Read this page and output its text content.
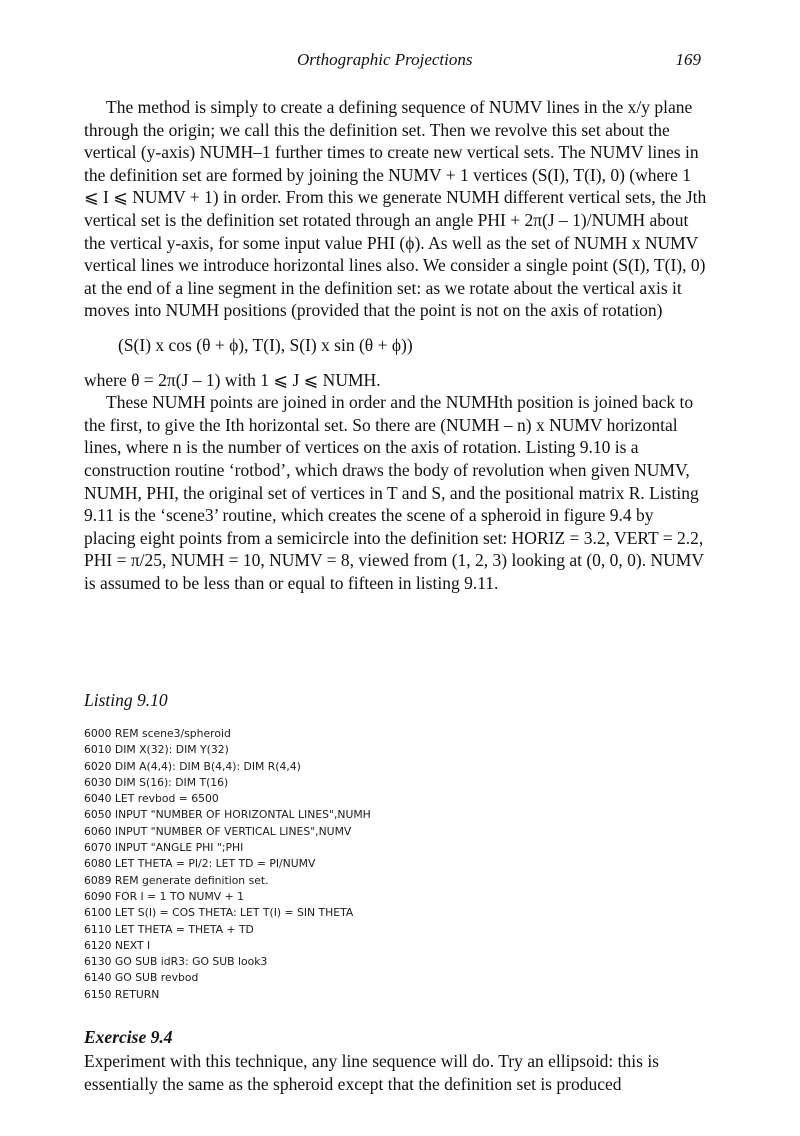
Orthographic Projections	169

The method is simply to create a defining sequence of NUMV lines in the x/y plane through the origin; we call this the definition set. Then we revolve this set about the vertical (y-axis) NUMH–1 further times to create new vertical sets. The NUMV lines in the definition set are formed by joining the NUMV + 1 vertices (S(I), T(I), 0) (where 1 ⩽ I ⩽ NUMV + 1) in order. From this we generate NUMH different vertical sets, the Jth vertical set is the definition set rotated through an angle PHI + 2π(J – 1)/NUMH about the vertical y-axis, for some input value PHI (ϕ). As well as the set of NUMH x NUMV vertical lines we introduce horizontal lines also. We consider a single point (S(I), T(I), 0) at the end of a line segment in the definition set: as we rotate about the vertical axis it moves into NUMH positions (provided that the point is not on the axis of rotation)

(S(I) x cos (θ + ϕ), T(I), S(I) x sin (θ + ϕ))

where θ = 2π(J – 1) with 1 ⩽ J ⩽ NUMH.

These NUMH points are joined in order and the NUMHth position is joined back to the first, to give the Ith horizontal set. So there are (NUMH – n) x NUMV horizontal lines, where n is the number of vertices on the axis of rotation. Listing 9.10 is a construction routine ‘rotbod’, which draws the body of revolution when given NUMV, NUMH, PHI, the original set of vertices in T and S, and the positional matrix R. Listing 9.11 is the ‘scene3’ routine, which creates the scene of a spheroid in figure 9.4 by placing eight points from a semicircle into the definition set: HORIZ = 3.2, VERT = 2.2, PHI = π/25, NUMH = 10, NUMV = 8, viewed from (1, 2, 3) looking at (0, 0, 0). NUMV is assumed to be less than or equal to fifteen in listing 9.11.

Listing 9.10
6000 REM scene3/spheroid
6010 DIM X(32): DIM Y(32)
6020 DIM A(4,4): DIM B(4,4): DIM R(4,4)
6030 DIM S(16): DIM T(16)
6040 LET revbod = 6500
6050 INPUT "NUMBER OF HORIZONTAL LINES",NUMH
6060 INPUT "NUMBER OF VERTICAL LINES",NUMV
6070 INPUT "ANGLE PHI ";PHI
6080 LET THETA = PI/2: LET TD = PI/NUMV
6089 REM generate definition set.
6090 FOR I = 1 TO NUMV + 1
6100 LET S(I) = COS THETA: LET T(I) = SIN THETA
6110 LET THETA = THETA + TD
6120 NEXT I
6130 GO SUB idR3: GO SUB look3
6140 GO SUB revbod
6150 RETURN
Exercise 9.4

Experiment with this technique, any line sequence will do. Try an ellipsoid: this is essentially the same as the spheroid except that the definition set is produced
